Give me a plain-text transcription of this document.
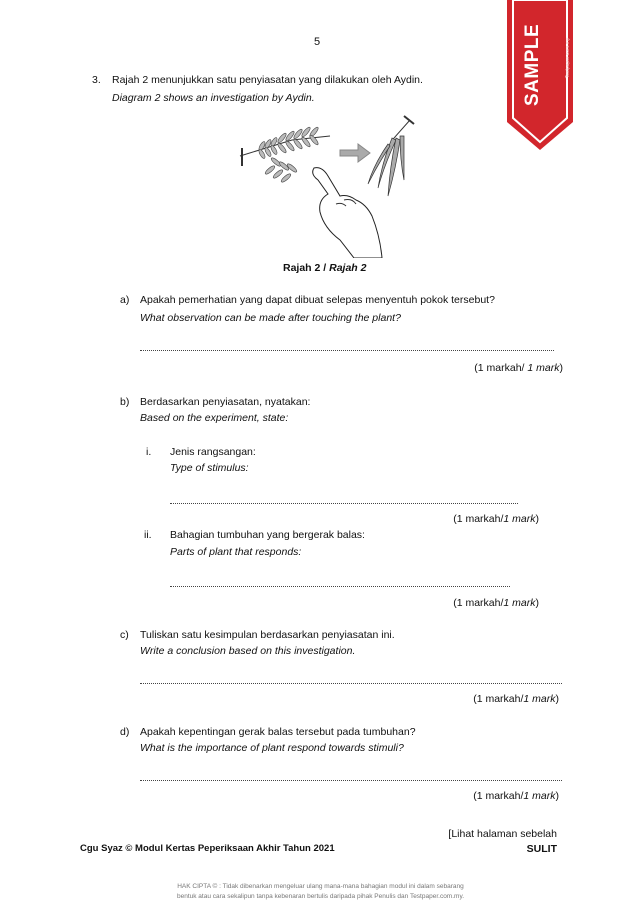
5	SAMPLE	Testpaper.com.my
3. Rajah 2 menunjukkan satu penyiasatan yang dilakukan oleh Aydin.
Diagram 2 shows an investigation by Aydin.
Rajah 2 / Rajah 2
a) Apakah pemerhatian yang dapat dibuat selepas menyentuh pokok tersebut?
What observation can be made after touching the plant?
(1 markah/ 1 mark)
b) Berdasarkan penyiasatan, nyatakan:
Based on the experiment, state:
i. Jenis rangsangan:
Type of stimulus:
(1 markah/1 mark)
ii. Bahagian tumbuhan yang bergerak balas:
Parts of plant that responds:
(1 markah/1 mark)
c) Tuliskan satu kesimpulan berdasarkan penyiasatan ini.
Write a conclusion based on this investigation.
(1 markah/1 mark)
d) Apakah kepentingan gerak balas tersebut pada tumbuhan?
What is the importance of plant respond towards stimuli?
(1 markah/1 mark)
[Lihat halaman sebelah
Cgu Syaz © Modul Kertas Peperiksaan Akhir Tahun 2021	SULIT
HAK CIPTA © : Tidak dibenarkan mengeluar ulang mana-mana bahagian modul ini dalam sebarang
bentuk atau cara sekalipun tanpa kebenaran bertulis daripada pihak Penulis dan Testpaper.com.my.
